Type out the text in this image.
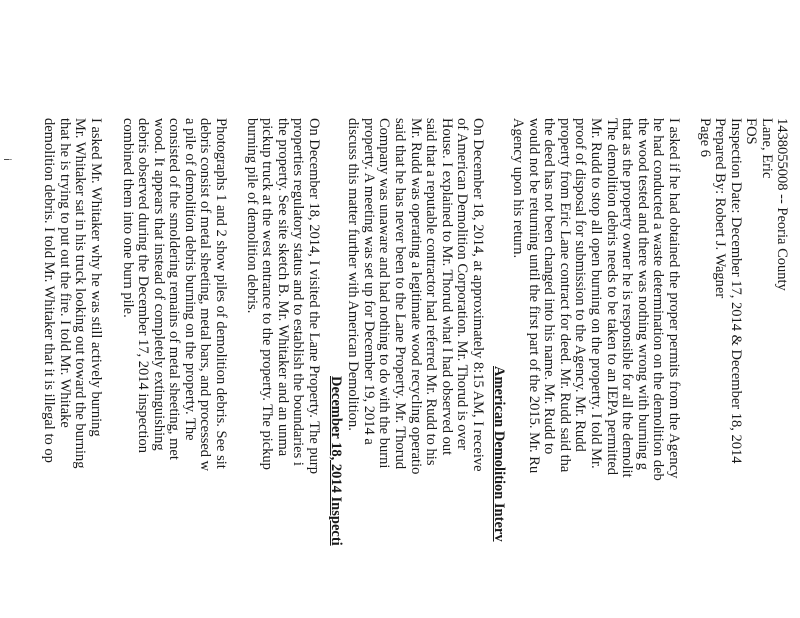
i	1438055008 -- Peoria County
Lane, Eric
FOS
Inspection Date: December 17, 2014 & December 18, 2014
Prepared By: Robert J. Wagner
Page 6
I asked if he had obtained the proper permits from the Agency
he had conducted a waste determination on the demolition deb
the wood tested and there was nothing wrong with burning g
that as the property owner he is responsible for all the demolit
The demolition debris needs to be taken to an IEPA permitted
Mr. Rudd to stop all open burning on the property. I told Mr.
proof of disposal for submission to the Agency. Mr. Rudd
property from Eric Lane contract for deed. Mr. Rudd said tha
the deed has not been changed into his name. Mr. Rudd to
would not be returning until the first part of the 2015. Mr. Ru
Agency upon his return.
American Demolition Interv
On December 18, 2014, at approximately 8:15 AM, I receive
of American Demolition Corporation. Mr. Thorud is over
House. I explained to Mr. Thorud what I had observed out
said that a reputable contractor had referred Mr. Rudd to his
Mr. Rudd was operating a legitimate wood recycling operatio
said that he has never been to the Lane Property. Mr. Thorud
Company was unaware and had nothing to do with the burni
property. A meeting was set up for December 19, 2014 a
discuss this matter further with American Demolition.
December 18, 2014 Inspecti
On December 18, 2014, I visited the Lane Property. The purp
properties regulatory status and to establish the boundaries i
the property. See site sketch B. Mr. Whitaker and an unma
pickup truck at the west entrance to the property. The pickup
burning pile of demolition debris.
Photographs 1 and 2 show piles of demolition debris. See sit
debris consist of metal sheeting, metal bars, and processed w
a pile of demolition debris burning on the property. The
consisted of the smoldering remains of metal sheeting, met
wood. It appears that instead of completely extinguishing
debris observed during the December 17, 2014 inspection
combined them into one burn pile.
I asked Mr. Whitaker why he was still actively burning
Mr. Whitaker sat in his truck looking out toward the burning
that he is trying to put out the fire. I told Mr. Whitake
demolition debris. I told Mr. Whitaker that it is illegal to op
